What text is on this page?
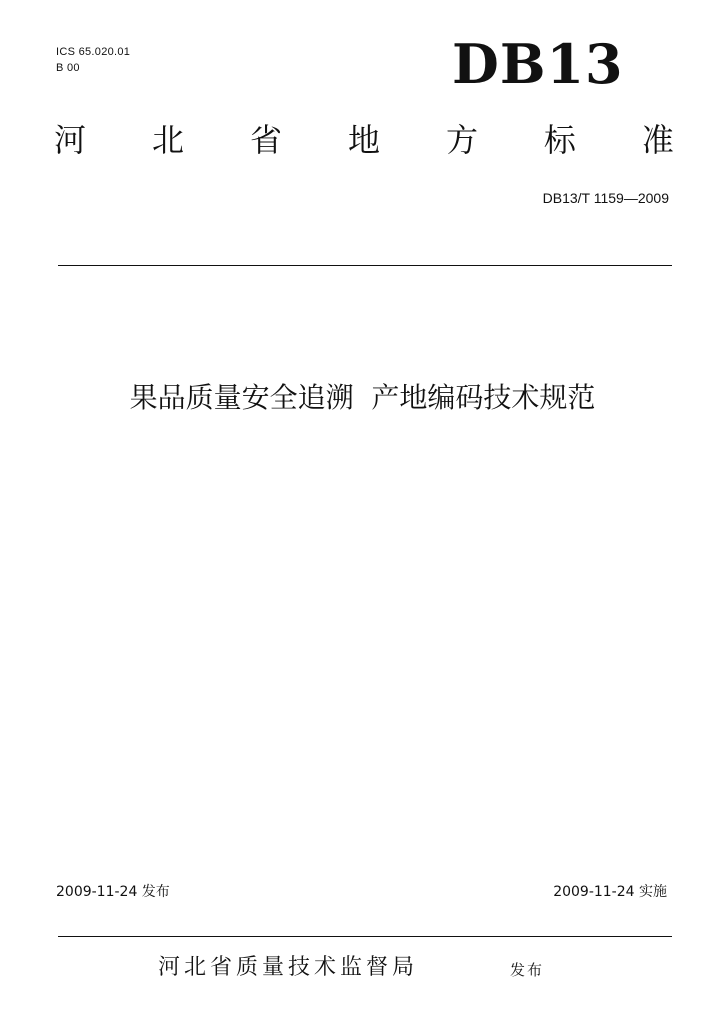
ICS 65.020.01
B 00	DB13
河 北 省 地 方 标 准
DB13/T 1159—2009
果品质量安全追溯  产地编码技术规范
2009-11-24 发布	2009-11-24 实施
河北省质量技术监督局	发布
